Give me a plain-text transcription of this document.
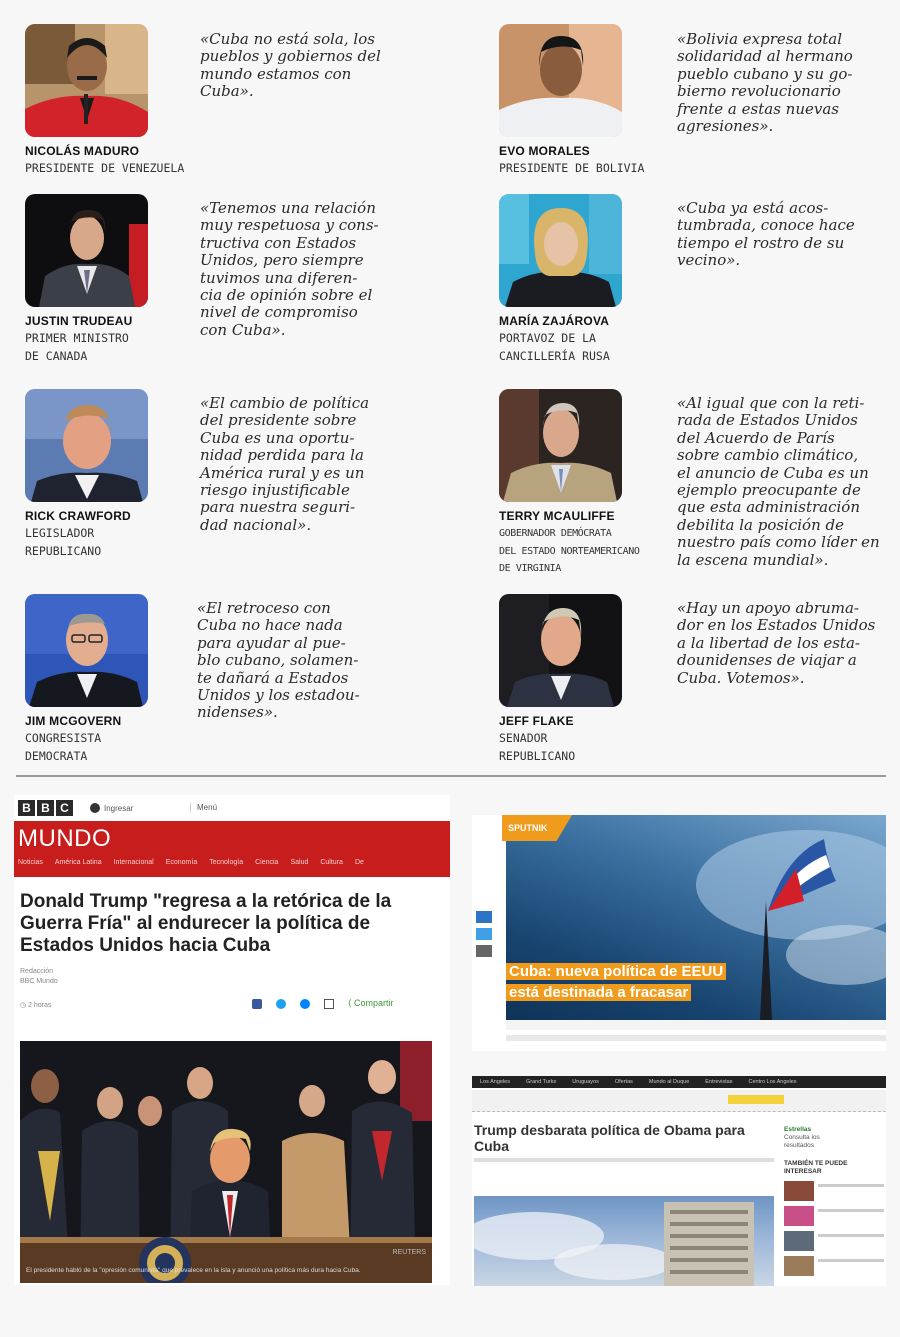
NICOLÁS MADURO
PRESIDENTE DE VENEZUELA
«Cuba no está sola, los
pueblos y gobiernos del
mundo estamos con
Cuba».
EVO MORALES
PRESIDENTE DE BOLIVIA
«Bolivia expresa total
solidaridad al hermano
pueblo cubano y su go-
bierno revolucionario
frente a estas nuevas
agresiones».
JUSTIN TRUDEAU
PRIMER MINISTRO
DE CANADA
«Tenemos una relación
muy respetuosa y cons-
tructiva con Estados
Unidos, pero siempre
tuvimos una diferen-
cia de opinión sobre el
nivel de compromiso
con Cuba».	MARÍA ZAJÁROVA
PORTAVOZ DE LA
CANCILLERÍA RUSA
«Cuba ya está acos-
tumbrada, conoce hace
tiempo el rostro de su
vecino».
RICK CRAWFORD
LEGISLADOR
REPUBLICANO
«El cambio de política
del presidente sobre
Cuba es una oportu-
nidad perdida para la
América rural y es un
riesgo injustificable
para nuestra seguri-
dad nacional».	TERRY MCAULIFFE
GOBERNADOR DEMÓCRATA
DEL ESTADO NORTEAMERICANO
DE VIRGINIA
«Al igual que con la reti-
rada de Estados Unidos
del Acuerdo de París
sobre cambio climático,
el anuncio de Cuba es un
ejemplo preocupante de
que esta administración
debilita la posición de
nuestro país como líder en
la escena mundial».
JIM MCGOVERN
CONGRESISTA
DEMOCRATA
«El retroceso con
Cuba no hace nada
para ayudar al pue-
blo cubano, solamen-
te dañará a Estados
Unidos y los estadou-
nidenses».	JEFF FLAKE
SENADOR
REPUBLICANO
«Hay un apoyo abruma-
dor en los Estados Unidos
a la libertad de los esta-
dounidenses de viajar a
Cuba. Votemos».
B B C	Ingresar	Menú
MUNDO
Noticias América Latina Internacional Economía Tecnología Ciencia Salud Cultura De
Donald Trump "regresa a la retórica de la Guerra Fría" al endurecer la política de Estados Unidos hacia Cuba
Redacción
BBC Mundo
◷ 2 horas	⟨ Compartir
REUTERS
El presidente habló de la "opresión comunista" que prevalece en la isla y anunció una política más dura hacia Cuba.
SPUTNIK
Cuba: nueva política de EEUU está destinada a fracasar
Los Angeles	Grand Turks	Uruguayos	Ofertas	Mundo al Duque	Entrevistas	Centro Los Angeles
Trump desbarata política de Obama para Cuba
Estrellas
Consulta los
resultados
TAMBIÉN TE PUEDE INTERESAR
